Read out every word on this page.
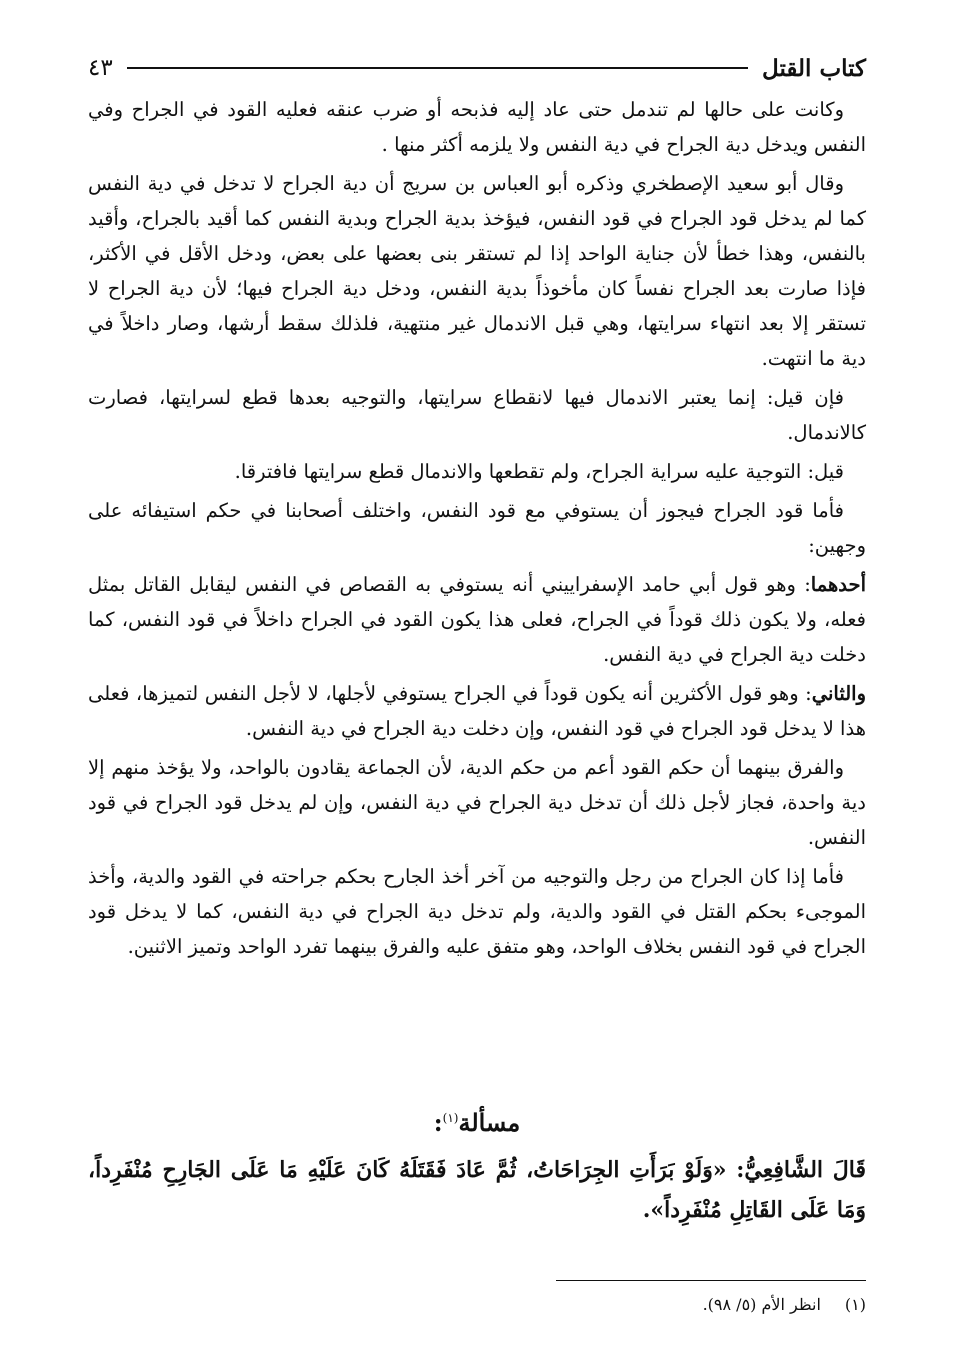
كتاب القتل
٤٣

وكانت على حالها لم تندمل حتى عاد إليه فذبحه أو ضرب عنقه فعليه القود في الجراح وفي النفس ويدخل دية الجراح في دية النفس ولا يلزمه أكثر منها .

وقال أبو سعيد الإصطخري وذكره أبو العباس بن سريج أن دية الجراح لا تدخل في دية النفس كما لم يدخل قود الجراح في قود النفس، فيؤخذ بدية الجراح وبدية النفس كما أقيد بالجراح، وأقيد بالنفس، وهذا خطأ لأن جناية الواحد إذا لم تستقر بنى بعضها على بعض، ودخل الأقل في الأكثر، فإذا صارت بعد الجراح نفساً كان مأخوذاً بدية النفس، ودخل دية الجراح فيها؛ لأن دية الجراح لا تستقر إلا بعد انتهاء سرايتها، وهي قبل الاندمال غير منتهية، فلذلك سقط أرشها، وصار داخلاً في دية ما انتهت.

فإن قيل: إنما يعتبر الاندمال فيها لانقطاع سرايتها، والتوجيه بعدها قطع لسرايتها، فصارت كالاندمال.

قيل: التوجية عليه سراية الجراح، ولم تقطعها والاندمال قطع سرايتها فافترقا.

فأما قود الجراح فيجوز أن يستوفي مع قود النفس، واختلف أصحابنا في حكم استيفائه على وجهين:

أحدهما: وهو قول أبي حامد الإسفراييني أنه يستوفي به القصاص في النفس ليقابل القاتل بمثل فعله، ولا يكون ذلك قوداً في الجراح، فعلى هذا يكون القود في الجراح داخلاً في قود النفس، كما دخلت دية الجراح في دية النفس.

والثاني: وهو قول الأكثرين أنه يكون قوداً في الجراح يستوفي لأجلها، لا لأجل النفس لتميزها، فعلى هذا لا يدخل قود الجراح في قود النفس، وإن دخلت دية الجراح في دية النفس.

والفرق بينهما أن حكم القود أعم من حكم الدية، لأن الجماعة يقادون بالواحد، ولا يؤخذ منهم إلا دية واحدة، فجاز لأجل ذلك أن تدخل دية الجراح في دية النفس، وإن لم يدخل قود الجراح في قود النفس.

فأما إذا كان الجراح من رجل والتوجيه من آخر أخذ الجارح بحكم جراحته في القود والدية، وأخذ الموجىء بحكم القتل في القود والدية، ولم تدخل دية الجراح في دية النفس، كما لا يدخل قود الجراح في قود النفس بخلاف الواحد، وهو متفق عليه والفرق بينهما تفرد الواحد وتميز الاثنين.

مسألة$^{(١)}$:
قَالَ الشَّافِعِيُّ: «وَلَوْ بَرَأَتِ الجِرَاحَاتُ، ثُمَّ عَادَ فَقَتَلَهُ كَانَ عَلَيْهِ مَا عَلَى الجَارِحِ مُنْفَرِداً، وَمَا عَلَى القَاتِلِ مُنْفَرِداً».
(١)انظر الأم (٥/ ٩٨).
